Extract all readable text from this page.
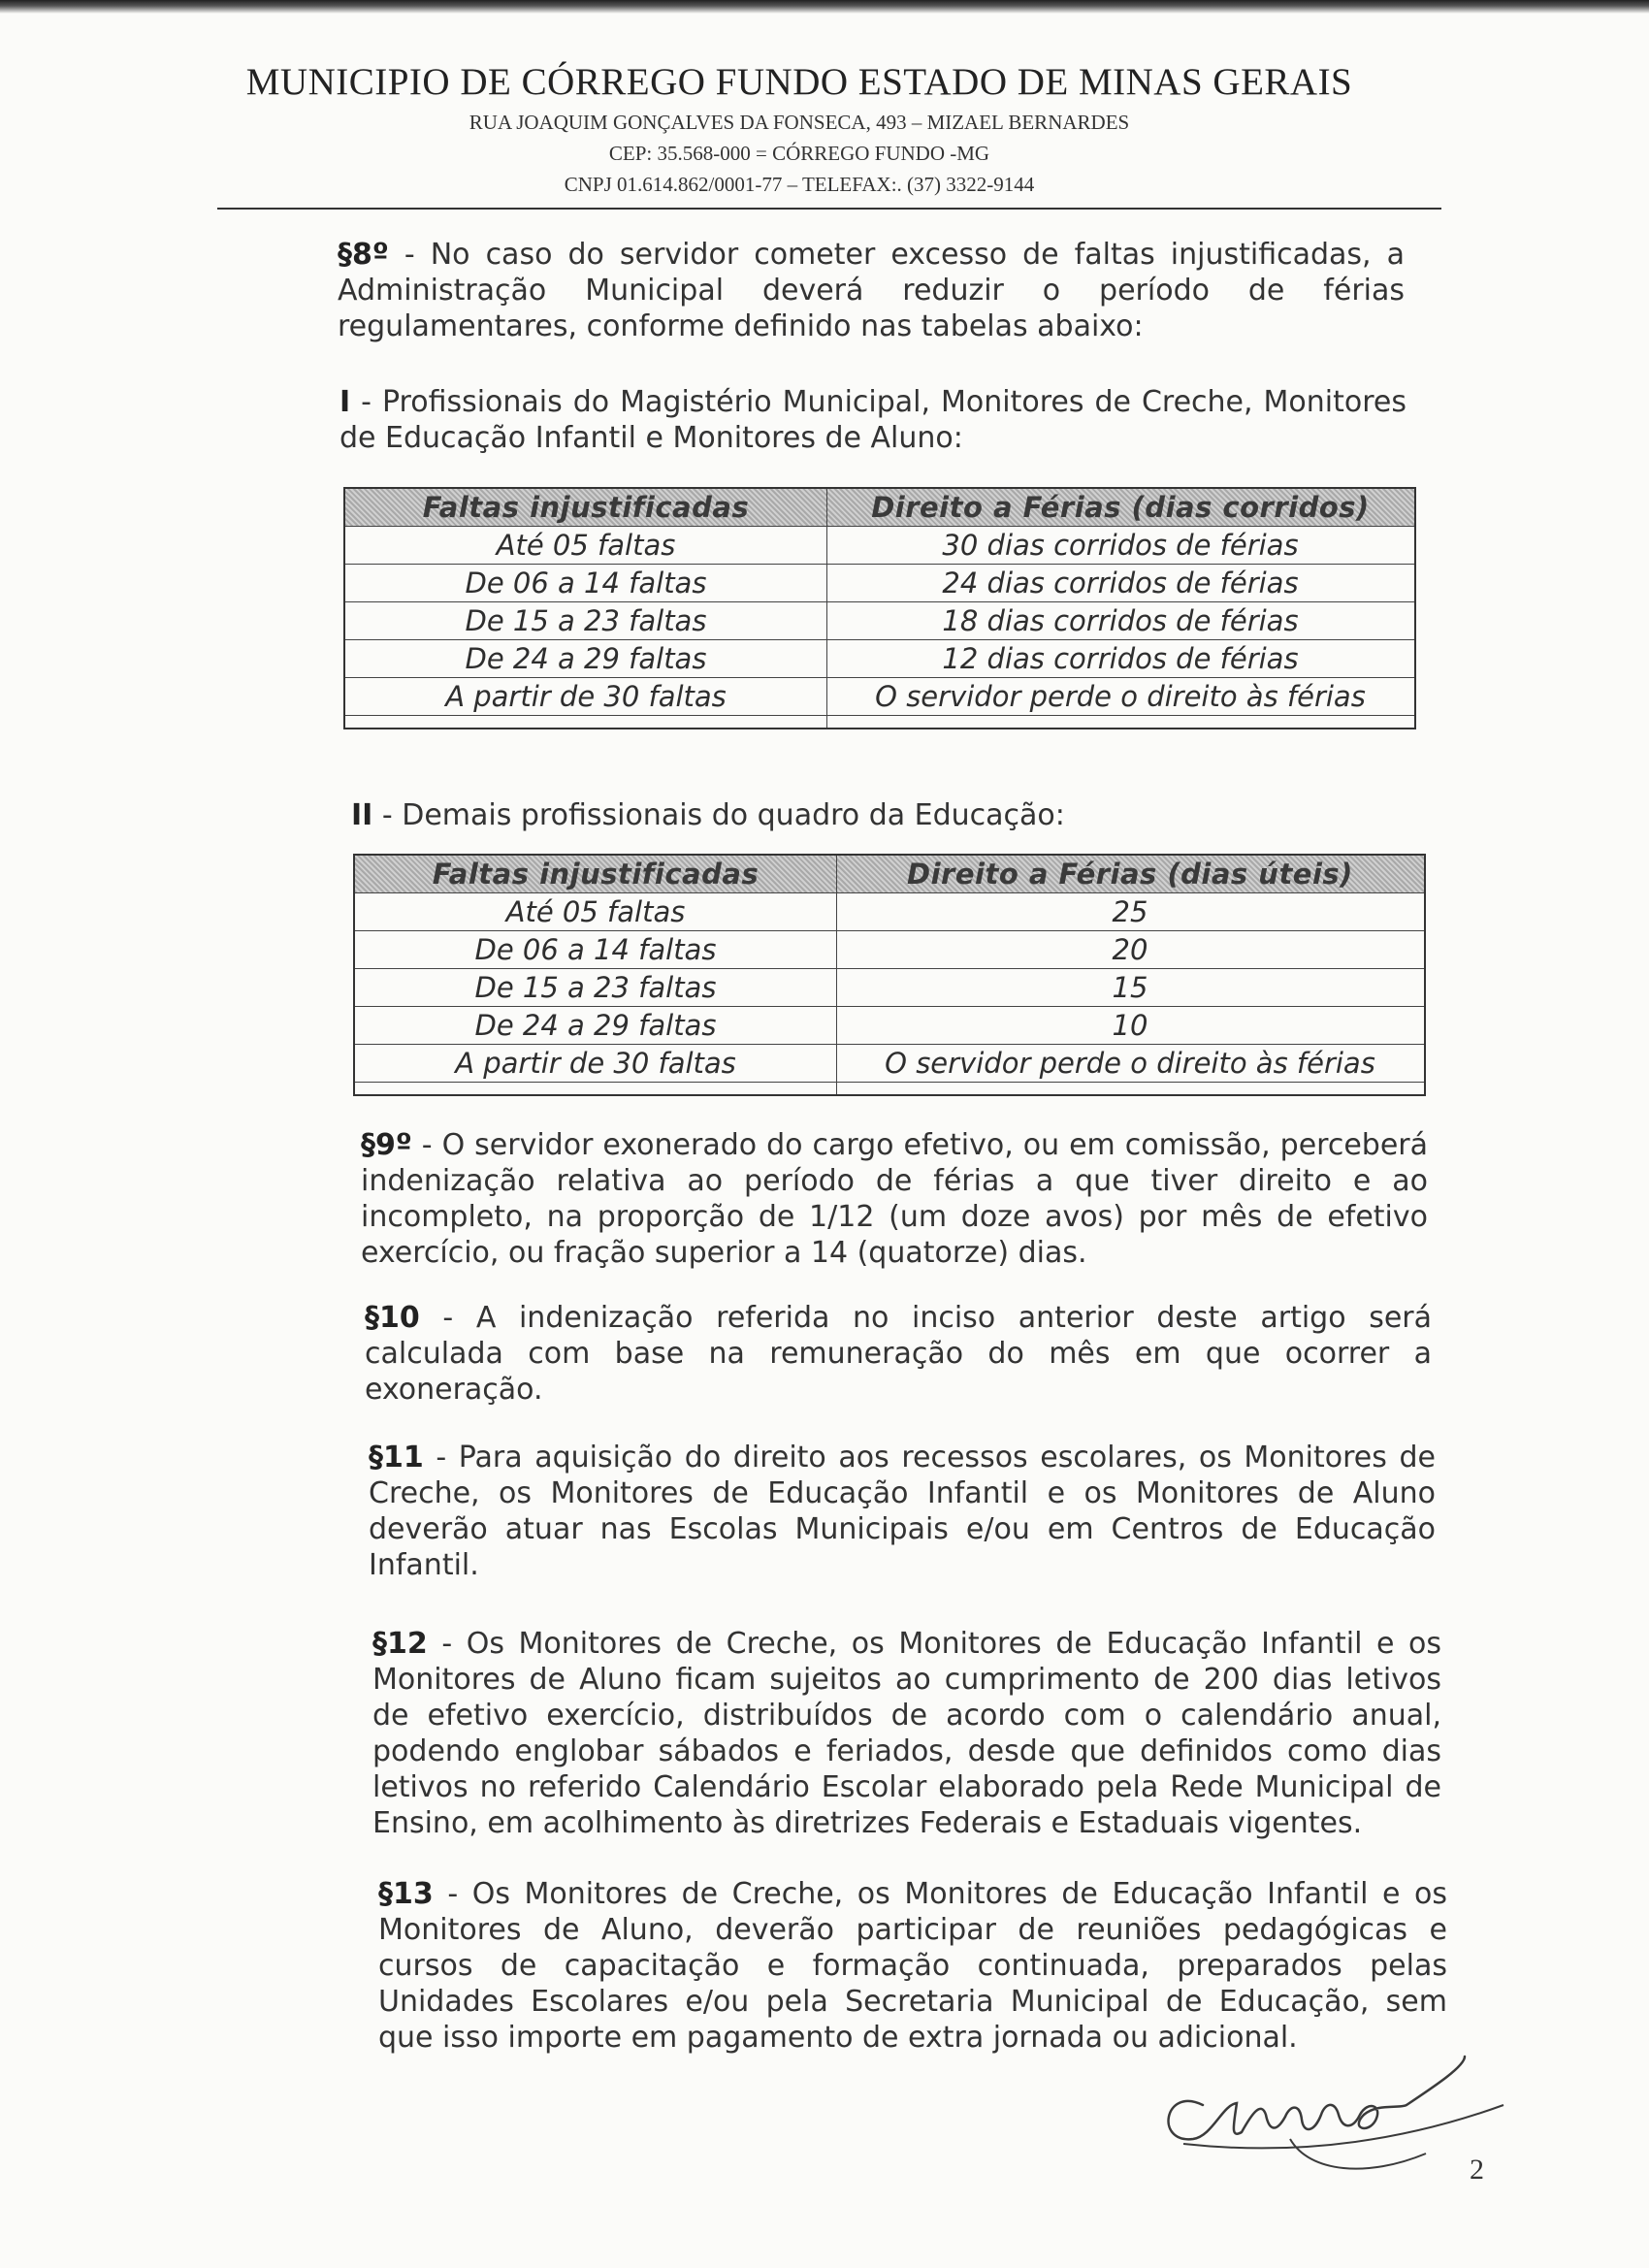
MUNICIPIO DE CÓRREGO FUNDO ESTADO DE MINAS GERAIS
RUA JOAQUIM GONÇALVES DA FONSECA, 493 – MIZAEL BERNARDES
CEP: 35.568-000 = CÓRREGO FUNDO -MG
CNPJ 01.614.862/0001-77 – TELEFAX:. (37) 3322-9144
§8º - No caso do servidor cometer excesso de faltas injustificadas, a Administração Municipal deverá reduzir o período de férias regulamentares, conforme definido nas tabelas abaixo:
I - Profissionais do Magistério Municipal, Monitores de Creche, Monitores de Educação Infantil e Monitores de Aluno:
Faltas injustificadas	Direito a Férias (dias corridos)
Até 05 faltas	30 dias corridos de férias
De 06 a 14 faltas	24 dias corridos de férias
De 15 a 23 faltas	18 dias corridos de férias
De 24 a 29 faltas	12 dias corridos de férias
A partir de 30 faltas	O servidor perde o direito às férias
II - Demais profissionais do quadro da Educação:
Faltas injustificadas	Direito a Férias (dias úteis)
Até 05 faltas	25
De 06 a 14 faltas	20
De 15 a 23 faltas	15
De 24 a 29 faltas	10
A partir de 30 faltas	O servidor perde o direito às férias
§9º - O servidor exonerado do cargo efetivo, ou em comissão, perceberá indenização relativa ao período de férias a que tiver direito e ao incompleto, na proporção de 1/12 (um doze avos) por mês de efetivo exercício, ou fração superior a 14 (quatorze) dias.
§10 - A indenização referida no inciso anterior deste artigo será calculada com base na remuneração do mês em que ocorrer a exoneração.
§11 - Para aquisição do direito aos recessos escolares, os Monitores de Creche, os Monitores de Educação Infantil e os Monitores de Aluno deverão atuar nas Escolas Municipais e/ou em Centros de Educação Infantil.
§12 - Os Monitores de Creche, os Monitores de Educação Infantil e os Monitores de Aluno ficam sujeitos ao cumprimento de 200 dias letivos de efetivo exercício, distribuídos de acordo com o calendário anual, podendo englobar sábados e feriados, desde que definidos como dias letivos no referido Calendário Escolar elaborado pela Rede Municipal de Ensino, em acolhimento às diretrizes Federais e Estaduais vigentes.
§13 - Os Monitores de Creche, os Monitores de Educação Infantil e os Monitores de Aluno, deverão participar de reuniões pedagógicas e cursos de capacitação e formação continuada, preparados pelas Unidades Escolares e/ou pela Secretaria Municipal de Educação, sem que isso importe em pagamento de extra jornada ou adicional.
2
